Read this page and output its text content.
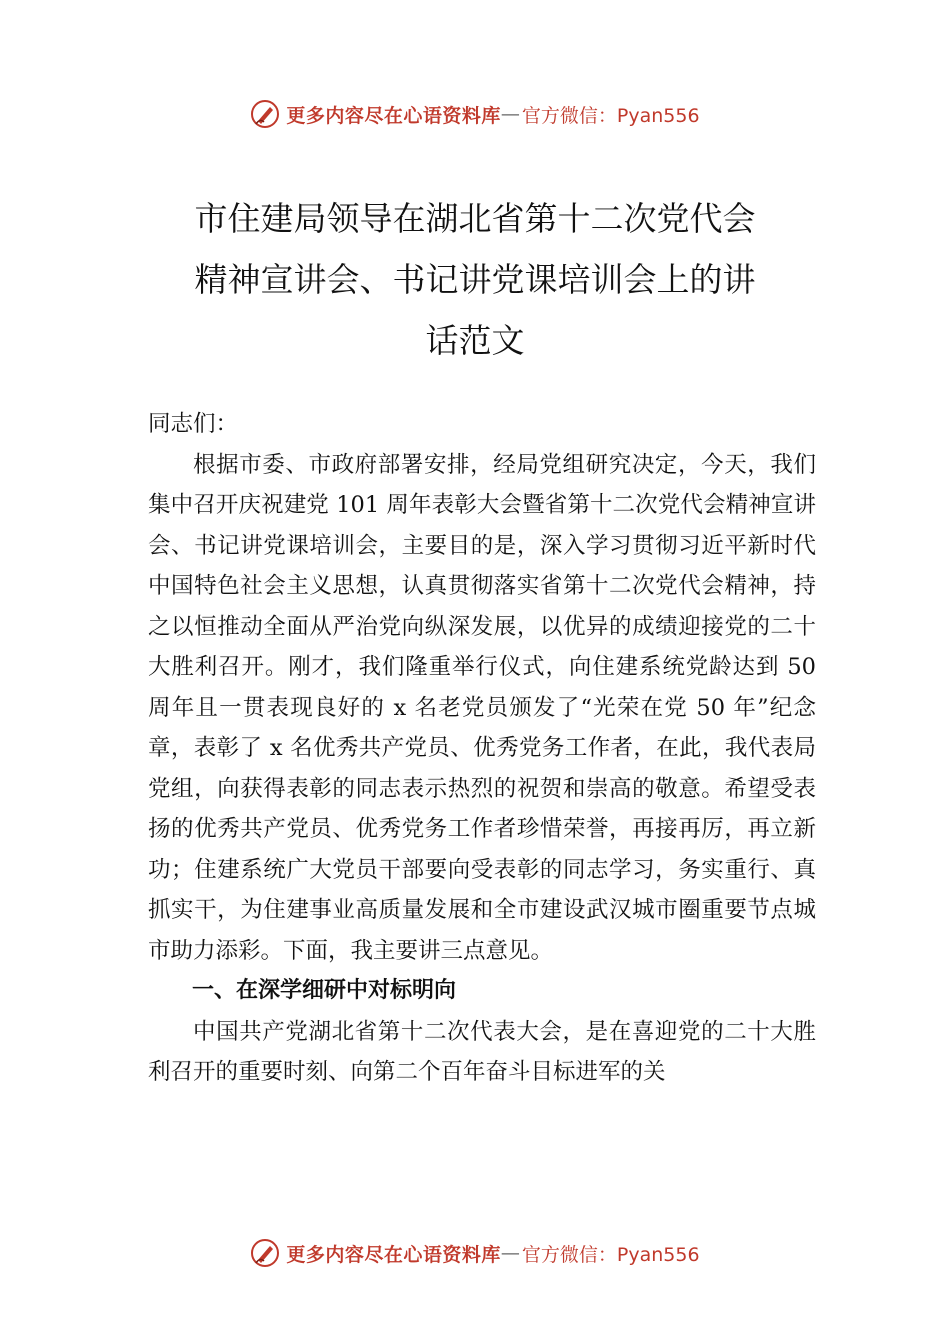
更多内容尽在心语资料库 — 官方微信：Pyan556
市住建局领导在湖北省第十二次党代会
精神宣讲会、书记讲党课培训会上的讲
话范文

同志们：

根据市委、市政府部署安排，经局党组研究决定，今天，我们集中召开庆祝建党 101 周年表彰大会暨省第十二次党代会精神宣讲会、书记讲党课培训会，主要目的是，深入学习贯彻习近平新时代中国特色社会主义思想，认真贯彻落实省第十二次党代会精神，持之以恒推动全面从严治党向纵深发展，以优异的成绩迎接党的二十大胜利召开。刚才，我们隆重举行仪式，向住建系统党龄达到 50 周年且一贯表现良好的 x 名老党员颁发了“光荣在党 50 年”纪念章，表彰了 x 名优秀共产党员、优秀党务工作者，在此，我代表局党组，向获得表彰的同志表示热烈的祝贺和崇高的敬意。希望受表扬的优秀共产党员、优秀党务工作者珍惜荣誉，再接再厉，再立新功；住建系统广大党员干部要向受表彰的同志学习，务实重行、真抓实干，为住建事业高质量发展和全市建设武汉城市圈重要节点城市助力添彩。下面，我主要讲三点意见。

一、在深学细研中对标明向

中国共产党湖北省第十二次代表大会，是在喜迎党的二十大胜利召开的重要时刻、向第二个百年奋斗目标进军的关

更多内容尽在心语资料库 — 官方微信：Pyan556
